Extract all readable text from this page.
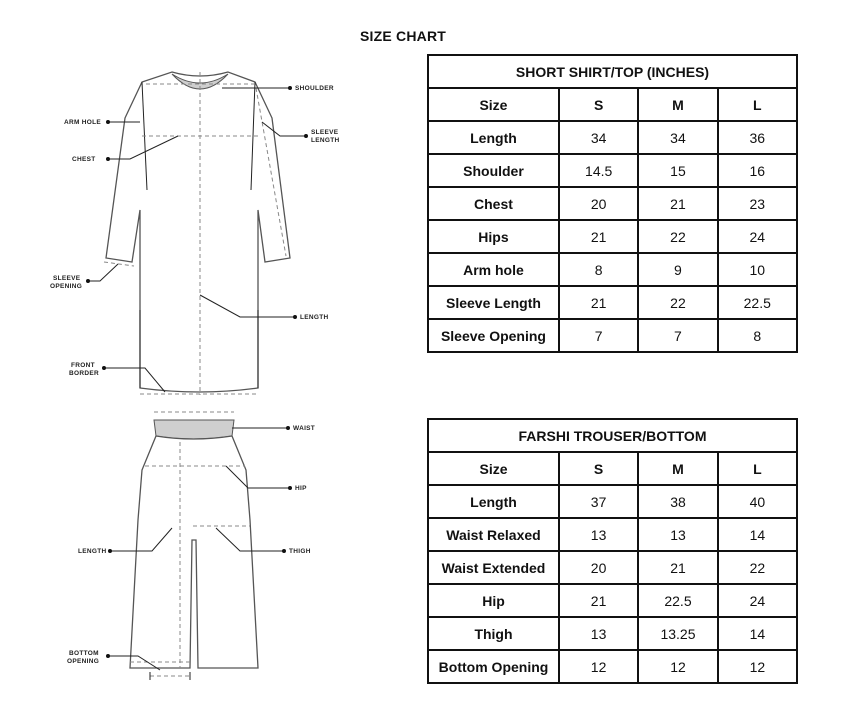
SIZE CHART
SHOULDER
ARM HOLE
SLEEVE
LENGTH
CHEST
SLEEVE
OPENING
LENGTH
FRONT
BORDER
WAIST
HIP
LENGTH	THIGH
BOTTOM
OPENING
SHORT SHIRT/TOP (INCHES)			
Size	S	M	L
Length	34	34	36
Shoulder	14.5	15	16
Chest	20	21	23
Hips	21	22	24
Arm hole	8	9	10
Sleeve Length	21	22	22.5
Sleeve Opening	7	7	8
FARSHI TROUSER/BOTTOM			
Size	S	M	L
Length	37	38	40
Waist Relaxed	13	13	14
Waist Extended	20	21	22
Hip	21	22.5	24
Thigh	13	13.25	14
Bottom Opening	12	12	12
